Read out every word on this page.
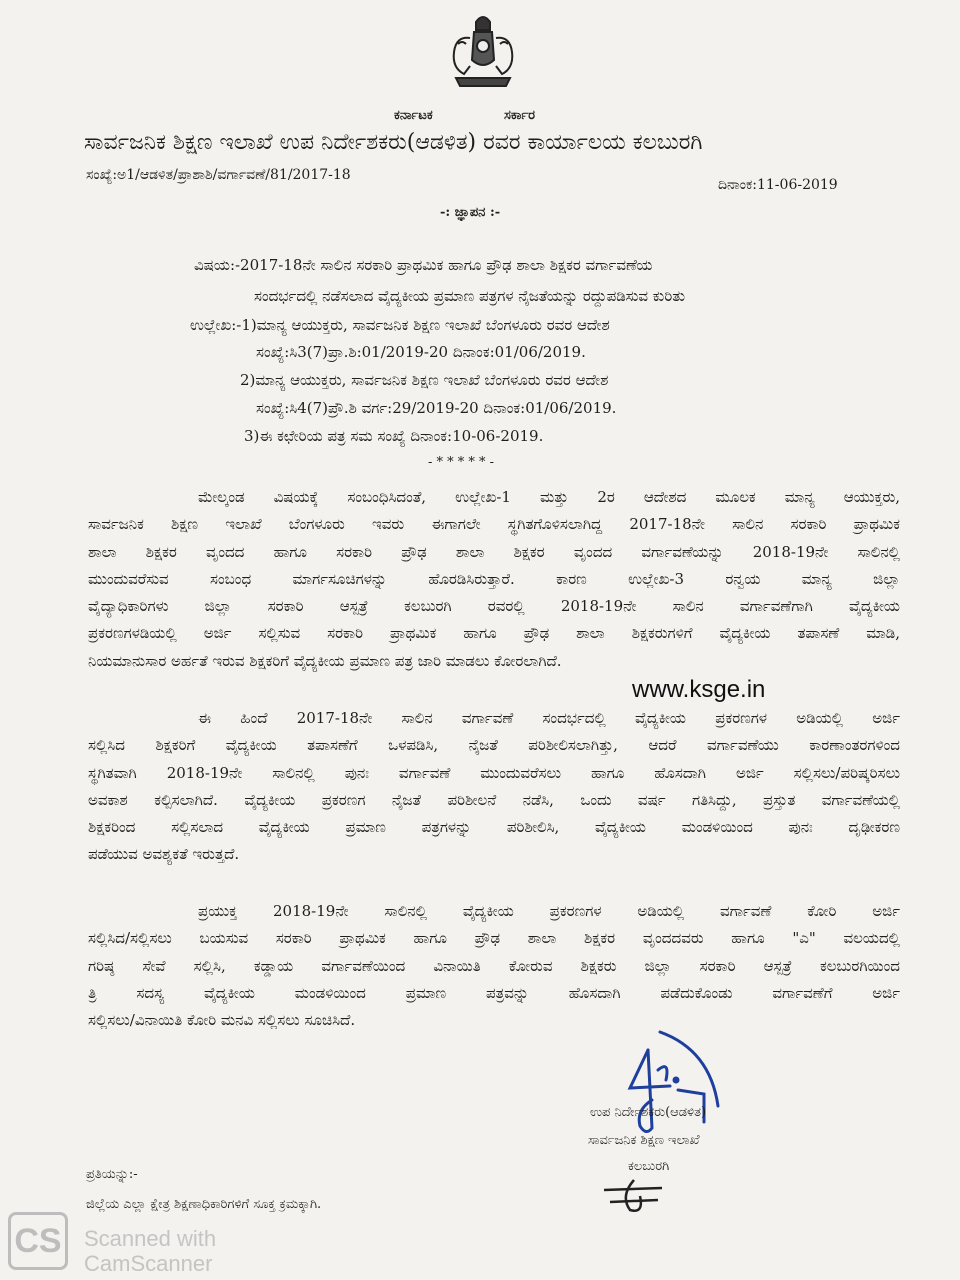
ಕರ್ನಾಟಕ	ಸರ್ಕಾರ
ಸಾರ್ವಜನಿಕ ಶಿಕ್ಷಣ ಇಲಾಖೆ ಉಪ ನಿರ್ದೇಶಕರು(ಆಡಳಿತ) ರವರ ಕಾರ್ಯಾಲಯ ಕಲಬುರಗಿ
ಸಂಖ್ಯೆ:ಅ1/ಆಡಳಿತ/ಪ್ರಾಶಾಶಿ/ವರ್ಗಾವಣೆ/81/2017-18
ದಿನಾಂಕ:11-06-2019
-: ಜ್ಞಾಪನ :-
ವಿಷಯ:-2017-18ನೇ ಸಾಲಿನ ಸರಕಾರಿ ಪ್ರಾಥಮಿಕ ಹಾಗೂ ಪ್ರೌಢ ಶಾಲಾ ಶಿಕ್ಷಕರ ವರ್ಗಾವಣೆಯ
ಸಂದರ್ಭದಲ್ಲಿ ನಡೆಸಲಾದ ವೈದ್ಯಕೀಯ ಪ್ರಮಾಣ ಪತ್ರಗಳ ನೈಜತೆಯನ್ನು ರದ್ದುಪಡಿಸುವ ಕುರಿತು
ಉಲ್ಲೇಖ:-1)ಮಾನ್ಯ ಆಯುಕ್ತರು, ಸಾರ್ವಜನಿಕ ಶಿಕ್ಷಣ ಇಲಾಖೆ ಬೆಂಗಳೂರು ರವರ ಆದೇಶ
ಸಂಖ್ಯೆ:ಸಿ3(7)ಪ್ರಾ.ಶಿ:01/2019-20 ದಿನಾಂಕ:01/06/2019.
2)ಮಾನ್ಯ ಆಯುಕ್ತರು, ಸಾರ್ವಜನಿಕ ಶಿಕ್ಷಣ ಇಲಾಖೆ ಬೆಂಗಳೂರು ರವರ ಆದೇಶ
ಸಂಖ್ಯೆ:ಸಿ4(7)ಪ್ರೌ.ಶಿ ವರ್ಗ:29/2019-20 ದಿನಾಂಕ:01/06/2019.
3)ಈ ಕಛೇರಿಯ ಪತ್ರ ಸಮ ಸಂಖ್ಯೆ ದಿನಾಂಕ:10-06-2019.
- * * * * * -
ಮೇಲ್ಕಂಡ ವಿಷಯಕ್ಕೆ ಸಂಬಂಧಿಸಿದಂತೆ, ಉಲ್ಲೇಖ-1 ಮತ್ತು 2ರ ಆದೇಶದ ಮೂಲಕ ಮಾನ್ಯ ಆಯುಕ್ತರು,
ಸಾರ್ವಜನಿಕ ಶಿಕ್ಷಣ ಇಲಾಖೆ ಬೆಂಗಳೂರು ಇವರು ಈಗಾಗಲೇ ಸ್ಥಗಿತಗೊಳಿಸಲಾಗಿದ್ದ 2017-18ನೇ ಸಾಲಿನ ಸರಕಾರಿ ಪ್ರಾಥಮಿಕ
ಶಾಲಾ ಶಿಕ್ಷಕರ ವೃಂದದ ಹಾಗೂ ಸರಕಾರಿ ಪ್ರೌಢ ಶಾಲಾ ಶಿಕ್ಷಕರ ವೃಂದದ ವರ್ಗಾವಣೆಯನ್ನು 2018-19ನೇ ಸಾಲಿನಲ್ಲಿ
ಮುಂದುವರೆಸುವ ಸಂಬಂಧ ಮಾರ್ಗಸೂಚಿಗಳನ್ನು ಹೊರಡಿಸಿರುತ್ತಾರೆ. ಕಾರಣ ಉಲ್ಲೇಖ-3 ರನ್ವಯ ಮಾನ್ಯ ಜಿಲ್ಲಾ
ವೈದ್ಯಾಧಿಕಾರಿಗಳು ಜಿಲ್ಲಾ ಸರಕಾರಿ ಆಸ್ಪತ್ರೆ ಕಲಬುರಗಿ ರವರಲ್ಲಿ 2018-19ನೇ ಸಾಲಿನ ವರ್ಗಾವಣೆಗಾಗಿ ವೈದ್ಯಕೀಯ
ಪ್ರಕರಣಗಳಡಿಯಲ್ಲಿ ಅರ್ಜಿ ಸಲ್ಲಿಸುವ ಸರಕಾರಿ ಪ್ರಾಥಮಿಕ ಹಾಗೂ ಪ್ರೌಢ ಶಾಲಾ ಶಿಕ್ಷಕರುಗಳಿಗೆ ವೈದ್ಯಕೀಯ ತಪಾಸಣೆ ಮಾಡಿ,
ನಿಯಮಾನುಸಾರ ಅರ್ಹತೆ ಇರುವ ಶಿಕ್ಷಕರಿಗೆ ವೈದ್ಯಕೀಯ ಪ್ರಮಾಣ ಪತ್ರ ಜಾರಿ ಮಾಡಲು ಕೋರಲಾಗಿದೆ.
www.ksge.in
ಈ ಹಿಂದೆ 2017-18ನೇ ಸಾಲಿನ ವರ್ಗಾವಣೆ ಸಂದರ್ಭದಲ್ಲಿ ವೈದ್ಯಕೀಯ ಪ್ರಕರಣಗಳ ಅಡಿಯಲ್ಲಿ ಅರ್ಜಿ
ಸಲ್ಲಿಸಿದ ಶಿಕ್ಷಕರಿಗೆ ವೈದ್ಯಕೀಯ ತಪಾಸಣೆಗೆ ಒಳಪಡಿಸಿ, ನೈಜತೆ ಪರಿಶೀಲಿಸಲಾಗಿತ್ತು, ಆದರೆ ವರ್ಗಾವಣೆಯು ಕಾರಣಾಂತರಗಳಿಂದ
ಸ್ಥಗಿತವಾಗಿ 2018-19ನೇ ಸಾಲಿನಲ್ಲಿ ಪುನಃ ವರ್ಗಾವಣೆ ಮುಂದುವರೆಸಲು ಹಾಗೂ ಹೊಸದಾಗಿ ಅರ್ಜಿ ಸಲ್ಲಿಸಲು/ಪರಿಷ್ಕರಿಸಲು
ಅವಕಾಶ ಕಲ್ಪಿಸಲಾಗಿದೆ. ವೈದ್ಯಕೀಯ ಪ್ರಕರಣಗ ನೈಜತೆ ಪರಿಶೀಲನೆ ನಡೆಸಿ, ಒಂದು ವರ್ಷ ಗತಿಸಿದ್ದು, ಪ್ರಸ್ತುತ ವರ್ಗಾವಣೆಯಲ್ಲಿ
ಶಿಕ್ಷಕರಿಂದ ಸಲ್ಲಿಸಲಾದ ವೈದ್ಯಕೀಯ ಪ್ರಮಾಣ ಪತ್ರಗಳನ್ನು ಪರಿಶೀಲಿಸಿ, ವೈದ್ಯಕೀಯ ಮಂಡಳಿಯಿಂದ ಪುನಃ ದೃಢೀಕರಣ
ಪಡೆಯುವ ಅವಶ್ಯಕತೆ ಇರುತ್ತದೆ.
ಪ್ರಯುಕ್ತ 2018-19ನೇ ಸಾಲಿನಲ್ಲಿ ವೈದ್ಯಕೀಯ ಪ್ರಕರಣಗಳ ಅಡಿಯಲ್ಲಿ ವರ್ಗಾವಣೆ ಕೋರಿ ಅರ್ಜಿ
ಸಲ್ಲಿಸಿದ/ಸಲ್ಲಿಸಲು ಬಯಸುವ ಸರಕಾರಿ ಪ್ರಾಥಮಿಕ ಹಾಗೂ ಪ್ರೌಢ ಶಾಲಾ ಶಿಕ್ಷಕರ ವೃಂದದವರು ಹಾಗೂ "ಎ" ವಲಯದಲ್ಲಿ
ಗರಿಷ್ಠ ಸೇವೆ ಸಲ್ಲಿಸಿ, ಕಡ್ಡಾಯ ವರ್ಗಾವಣೆಯಿಂದ ವಿನಾಯಿತಿ ಕೋರುವ ಶಿಕ್ಷಕರು ಜಿಲ್ಲಾ ಸರಕಾರಿ ಆಸ್ಪತ್ರೆ ಕಲಬುರಗಿಯಿಂದ
ತ್ರಿ ಸದಸ್ಯ ವೈದ್ಯಕೀಯ ಮಂಡಳಿಯಿಂದ ಪ್ರಮಾಣ ಪತ್ರವನ್ನು ಹೊಸದಾಗಿ ಪಡೆದುಕೊಂಡು ವರ್ಗಾವಣೆಗೆ ಅರ್ಜಿ
ಸಲ್ಲಿಸಲು/ವಿನಾಯಿತಿ ಕೋರಿ ಮನವಿ ಸಲ್ಲಿಸಲು ಸೂಚಿಸಿದೆ.
ಉಪ ನಿರ್ದೇಶಕರು(ಆಡಳಿತ)
ಸಾರ್ವಜನಿಕ ಶಿಕ್ಷಣ ಇಲಾಖೆ
ಕಲಬುರಗಿ
ಪ್ರತಿಯನ್ನು:-
ಜಿಲ್ಲೆಯ ಎಲ್ಲಾ ಕ್ಷೇತ್ರ ಶಿಕ್ಷಣಾಧಿಕಾರಿಗಳಿಗೆ ಸೂಕ್ತ ಕ್ರಮಕ್ಕಾಗಿ.
CS Scanned with
CamScanner
